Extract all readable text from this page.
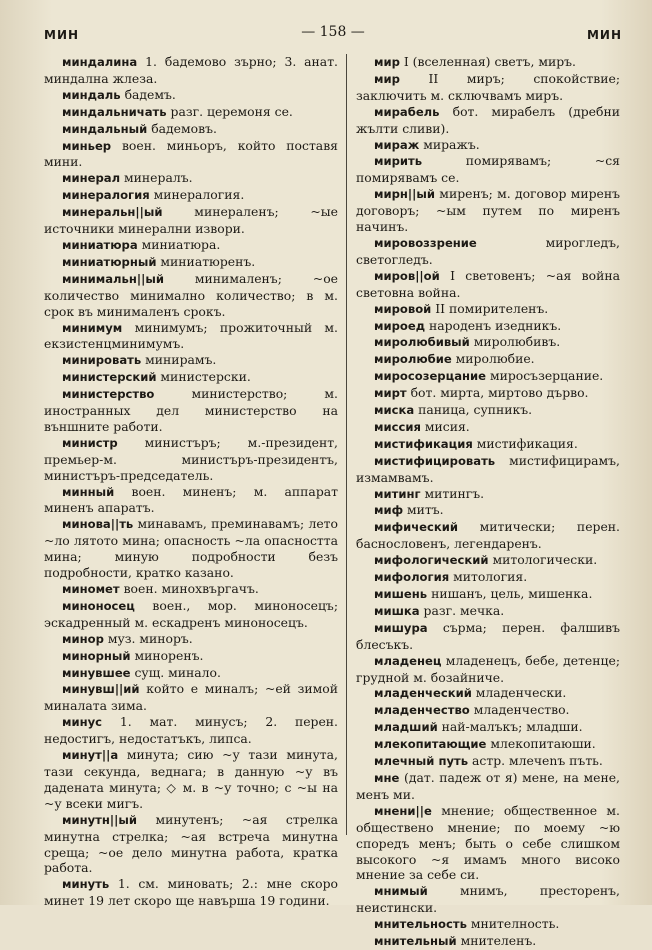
МИН	— 158 —	МИН

миндалина 1. бадемово зърно; 3. анат. миндална жлеза.

миндаль бадемъ.

миндальничать разг. церемоня се.

миндальный бадемовъ.

миньер воен. миньоръ, който поставя мини.

минерал минералъ.

минералогия минералогия.

минеральн||ый минераленъ; ~ые источники минерални извори.

миниатюра миниатюра.

миниатюрный миниатюренъ.

минимальн||ый минималенъ; ~ое количество минимално количество; в м. срок въ минималенъ срокъ.

минимум минимумъ; прожиточный м. екзистенцминимумъ.

минировать минирамъ.

министерский министерски.

министерство министерство; м. иностранных дел министерство на външните работи.

министр министъръ; м.-президент, премьер-м. министъръ-президентъ, министъръ-председатель.

минный воен. миненъ; м. аппарат миненъ апаратъ.

минова||ть минавамъ, преминавамъ; лето ~ло лятото мина; опасность ~ла опасността мина; миную подробности безъ подробности, кратко казано.

миномет воен. минохвъргачъ.

миноносец воен., мор. миноносецъ; эскадренный м. ескадренъ миноносецъ.

минор муз. миноръ.

минорный миноренъ.

минувшее сущ. минало.

минувш||ий който е миналъ; ~ей зимой миналата зима.

минус 1. мат. минусъ; 2. перен. недостигъ, недостатъкъ, липса.

минут||а минута; сию ~у тази минута, тази секунда, веднага; в данную ~у въ дадената минута; ◇ м. в ~у точно; с ~ы на ~у всеки мигъ.

минутн||ый минутенъ; ~ая стрелка минутна стрелка; ~ая встреча минутна среща; ~ое дело минутна работа, кратка работа.

минуть 1. см. миновать; 2.: мне скоро минет 19 лет скоро ще навърша 19 години.

мир I (вселенная) светъ, миръ.

мир II миръ; спокойствие; заключить м. сключвамъ миръ.

мирабель бот. мирабелъ (дребни жълти сливи).

мираж миражъ.

мирить помирявамъ; ~ся помирявамъ се.

мирн||ый миренъ; м. договор миренъ договоръ; ~ым путем по миренъ начинъ.

мировоззрение мироглeдъ, светогледъ.

миров||ой I световенъ; ~ая война световна война.

мировой II помирителенъ.

мироед народенъ изедникъ.

миролюбивый миролюбивъ.

миролюбие миролюбие.

миросозерцание миросъзерцание.

мирт бот. мирта, миртово дърво.

миска паница, супникъ.

миссия мисия.

мистификация мистификация.

мистифицировать мистифицирамъ, измамвамъ.

митинг митингъ.

миф митъ.

мифический митически; перен. баснословенъ, легендаренъ.

мифологический митологически.

мифология митология.

мишень нишанъ, цель, мишенка.

мишка разг. мечка.

мишура сърма; перен. фалшивъ блесъкъ.

младенец младенецъ, бебе, детенце; грудной м. бозайниче.

младенческий младенчески.

младенчество младенчество.

младший най-малъкъ; младши.

млекопитающие млекопитаюши.

млечный путь астр. млечenъ пъть.

мне (дат. падеж от я) мене, на мене, менъ ми.

мнени||е мнение; общественное м. обществено мнение; по моему ~ю споредъ менъ; быть о себе слишком высокого ~я имамъ много високо мнение за себе си.

мнимый мнимъ, престоренъ, неистински.

мнительность мнителность.

мнительный мнителенъ.
